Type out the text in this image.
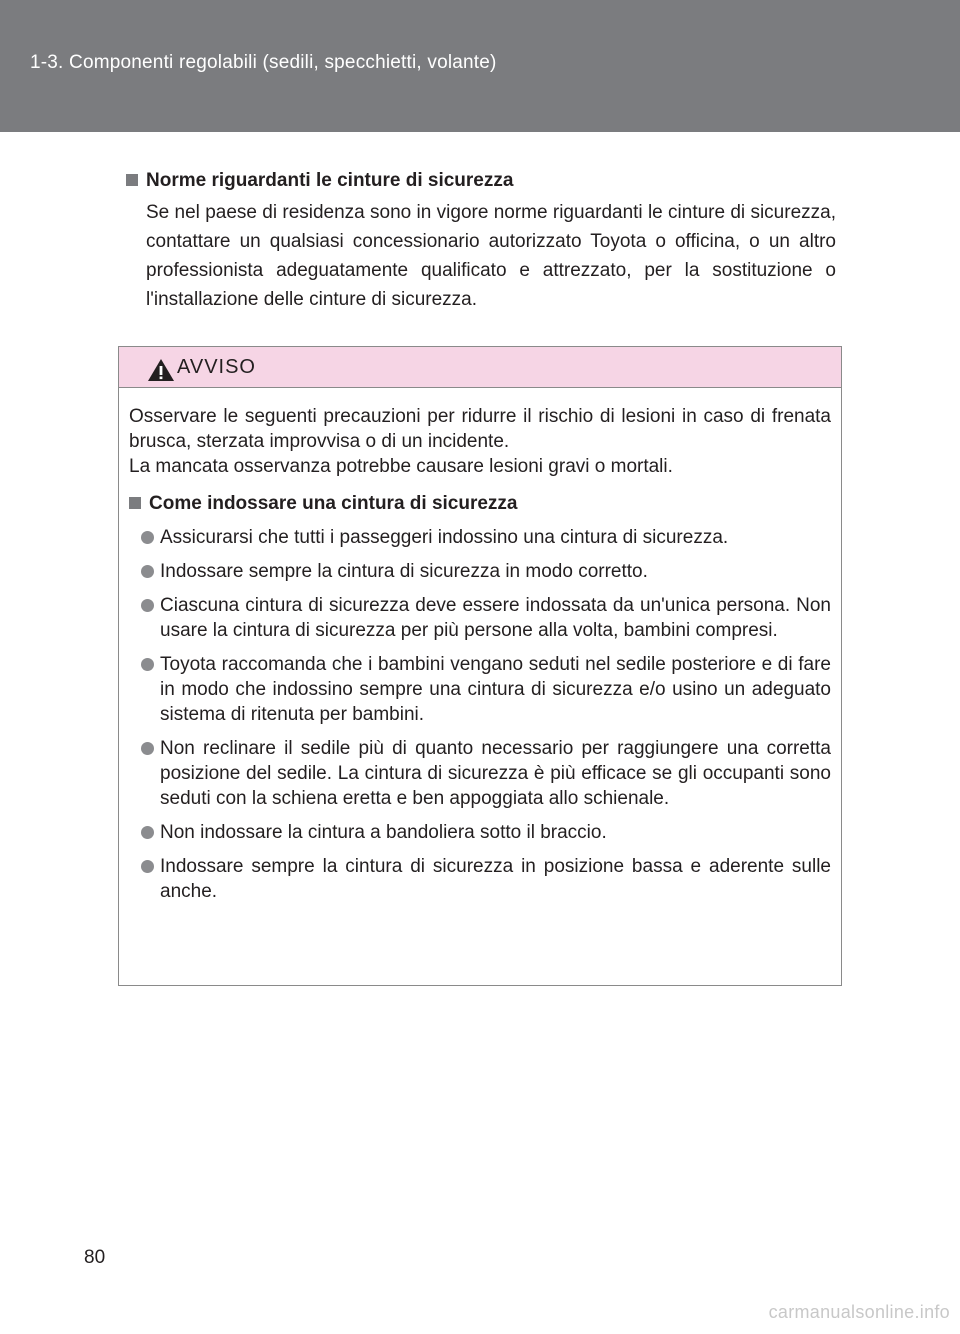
1-3. Componenti regolabili (sedili, specchietti, volante)
Norme riguardanti le cinture di sicurezza
Se nel paese di residenza sono in vigore norme riguardanti le cinture di sicurezza, contattare un qualsiasi concessionario autorizzato Toyota o officina, o un altro professionista adeguatamente qualificato e attrezzato, per la sostituzione o l'installazione delle cinture di sicurezza.
AVVISO
Osservare le seguenti precauzioni per ridurre il rischio di lesioni in caso di frenata brusca, sterzata improvvisa o di un incidente.
La mancata osservanza potrebbe causare lesioni gravi o mortali.
Come indossare una cintura di sicurezza
Assicurarsi che tutti i passeggeri indossino una cintura di sicurezza.
Indossare sempre la cintura di sicurezza in modo corretto.
Ciascuna cintura di sicurezza deve essere indossata da un'unica persona. Non usare la cintura di sicurezza per più persone alla volta, bambini compresi.
Toyota raccomanda che i bambini vengano seduti nel sedile posteriore e di fare in modo che indossino sempre una cintura di sicurezza e/o usino un adeguato sistema di ritenuta per bambini.
Non reclinare il sedile più di quanto necessario per raggiungere una corretta posizione del sedile. La cintura di sicurezza è più efficace se gli occupanti sono seduti con la schiena eretta e ben appoggiata allo schienale.
Non indossare la cintura a bandoliera sotto il braccio.
Indossare sempre la cintura di sicurezza in posizione bassa e aderente sulle anche.
80
carmanualsonline.info
